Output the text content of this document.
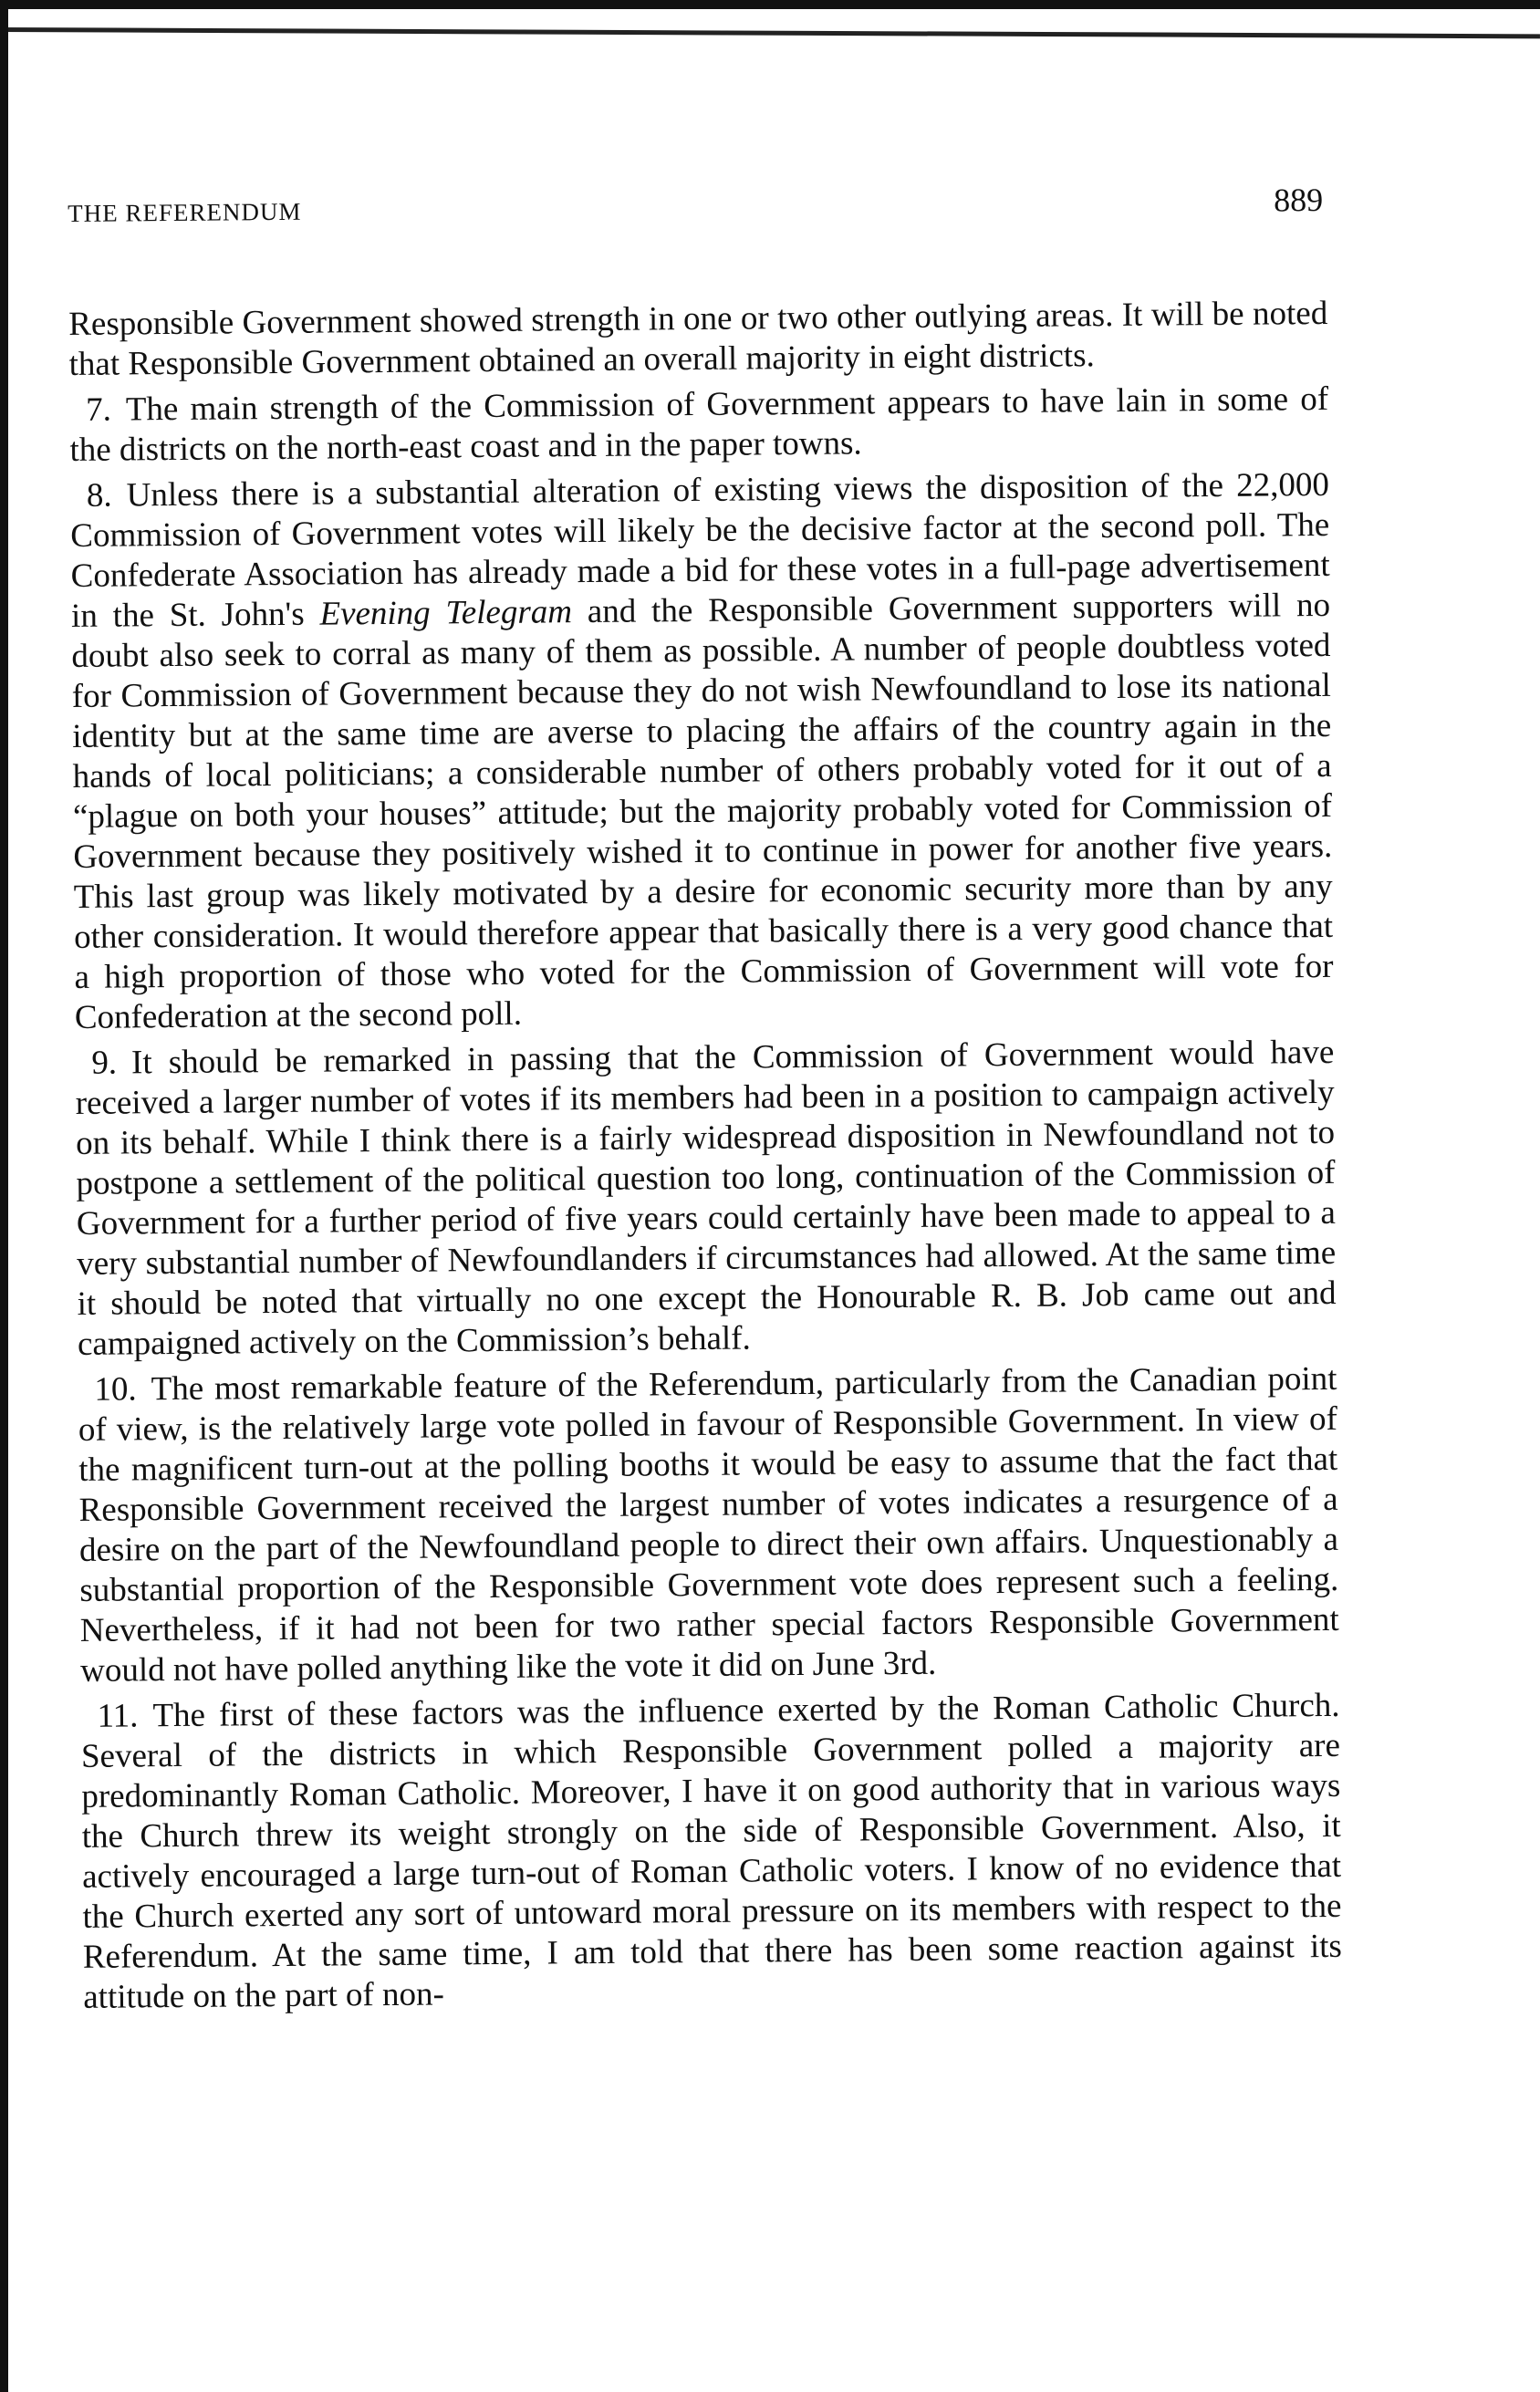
THE REFERENDUM	889

Responsible Government showed strength in one or two other outlying areas. It will be noted that Responsible Government obtained an overall majority in eight districts.

7. The main strength of the Commission of Government appears to have lain in some of the districts on the north-east coast and in the paper towns.

8. Unless there is a substantial alteration of existing views the disposition of the 22,000 Commission of Government votes will likely be the decisive factor at the second poll. The Confederate Association has already made a bid for these votes in a full-page advertisement in the St. John's Evening Telegram and the Responsible Government supporters will no doubt also seek to corral as many of them as possible. A number of people doubtless voted for Commission of Government because they do not wish Newfoundland to lose its national identity but at the same time are averse to placing the affairs of the country again in the hands of local politicians; a considerable number of others probably voted for it out of a “plague on both your houses” attitude; but the majority probably voted for Commission of Government because they positively wished it to continue in power for another five years. This last group was likely motivated by a desire for economic security more than by any other consideration. It would therefore appear that basically there is a very good chance that a high proportion of those who voted for the Commission of Government will vote for Confederation at the second poll.

9. It should be remarked in passing that the Commission of Government would have received a larger number of votes if its members had been in a position to campaign actively on its behalf. While I think there is a fairly widespread disposition in Newfoundland not to postpone a settlement of the political question too long, continuation of the Commission of Government for a further period of five years could certainly have been made to appeal to a very substantial number of Newfoundlanders if circumstances had allowed. At the same time it should be noted that virtually no one except the Honourable R. B. Job came out and campaigned actively on the Commission’s behalf.

10. The most remarkable feature of the Referendum, particularly from the Canadian point of view, is the relatively large vote polled in favour of Responsible Government. In view of the magnificent turn-out at the polling booths it would be easy to assume that the fact that Responsible Government received the largest number of votes indicates a resurgence of a desire on the part of the Newfoundland people to direct their own affairs. Unquestionably a substantial proportion of the Responsible Government vote does represent such a feeling. Nevertheless, if it had not been for two rather special factors Responsible Government would not have polled anything like the vote it did on June 3rd.

11. The first of these factors was the influence exerted by the Roman Catholic Church. Several of the districts in which Responsible Government polled a majority are predominantly Roman Catholic. Moreover, I have it on good authority that in various ways the Church threw its weight strongly on the side of Responsible Government. Also, it actively encouraged a large turn-out of Roman Catholic voters. I know of no evidence that the Church exerted any sort of untoward moral pressure on its members with respect to the Referendum. At the same time, I am told that there has been some reaction against its attitude on the part of non-
